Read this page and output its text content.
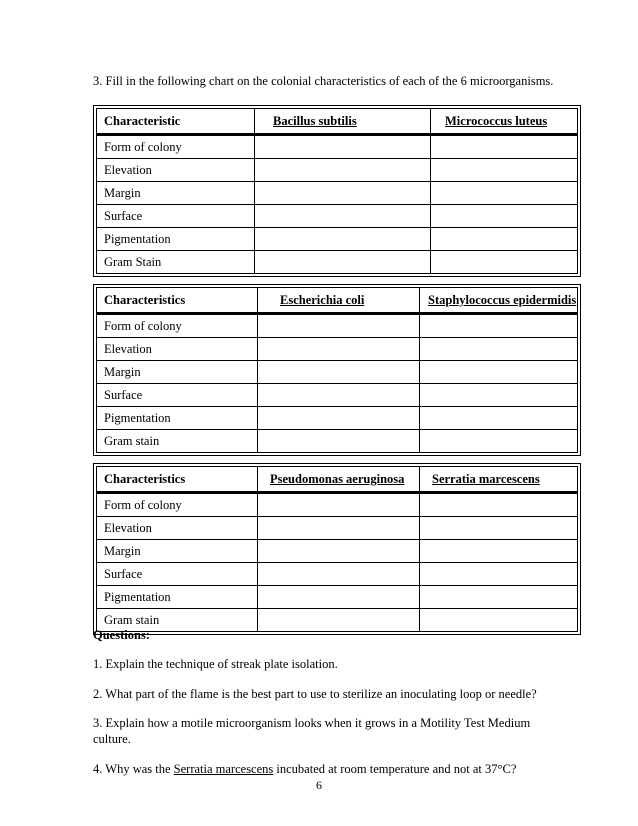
3. Fill in the following chart on the colonial characteristics of each of the 6 microorganisms.
Characteristic	Bacillus subtilis	Micrococcus luteus
Form of colony		
Elevation		
Margin		
Surface		
Pigmentation		
Gram Stain		
Characteristics	Escherichia coli	Staphylococcus epidermidis
Form of colony		
Elevation		
Margin		
Surface		
Pigmentation		
Gram stain		
Characteristics	Pseudomonas aeruginosa	Serratia marcescens
Form of colony		
Elevation		
Margin		
Surface		
Pigmentation		
Gram stain		
Questions:
1. Explain the technique of streak plate isolation.
2. What part of the flame is the best part to use to sterilize an inoculating loop or needle?
3. Explain how a motile microorganism looks when it grows in a Motility Test Medium culture.
4. Why was the Serratia marcescens incubated at room temperature and not at 37°C?
6
